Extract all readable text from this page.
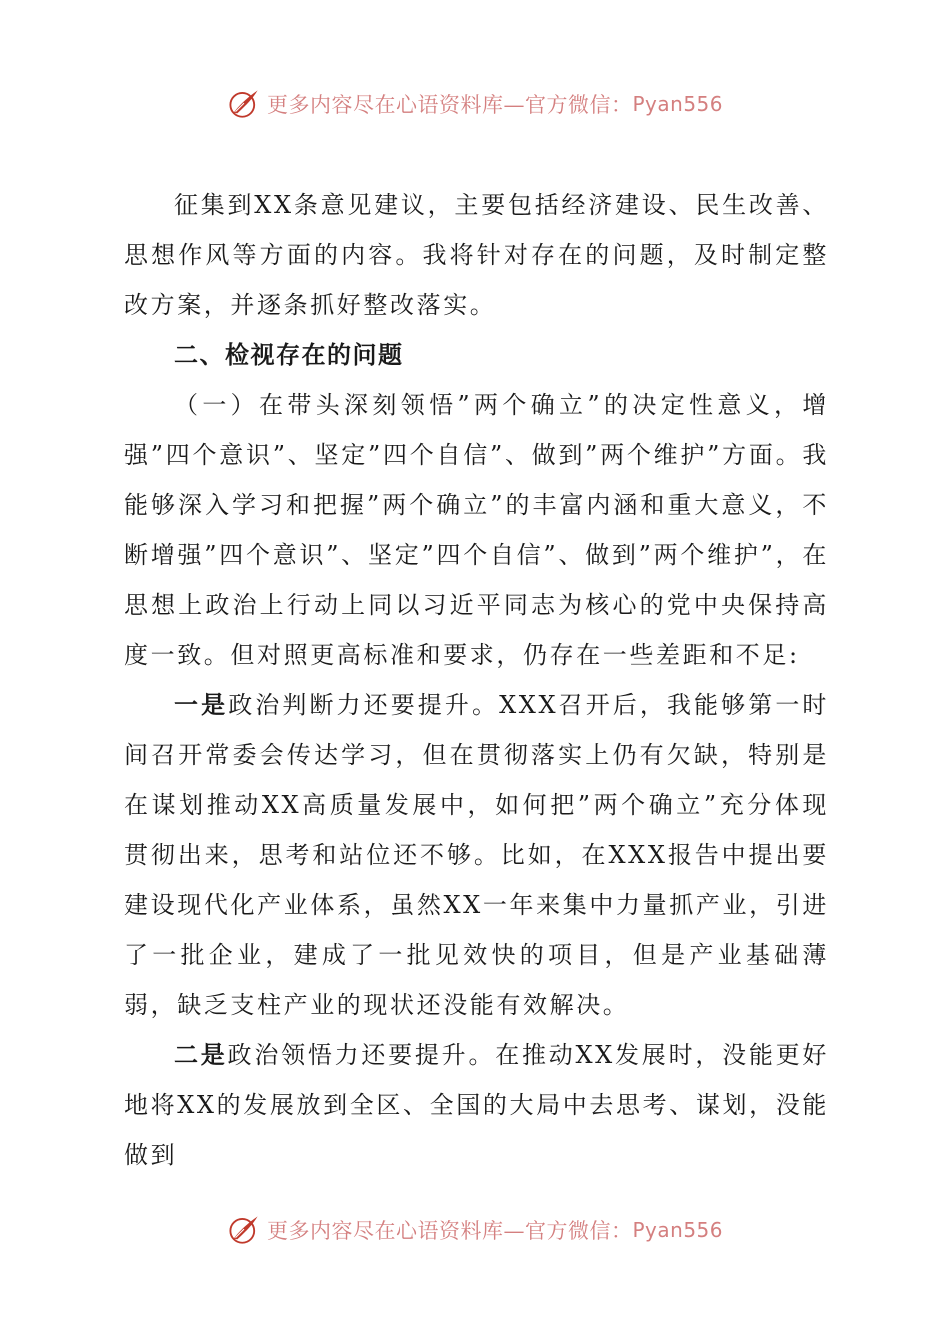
更多内容尽在心语资料库—官方微信： Pyan556

征集到XX条意见建议，主要包括经济建设、民生改善、思想作风等方面的内容。我将针对存在的问题，及时制定整改方案，并逐条抓好整改落实。

二、检视存在的问题

（一）在带头深刻领悟”两个确立”的决定性意义，增强”四个意识”、坚定”四个自信”、做到”两个维护”方面。我能够深入学习和把握”两个确立”的丰富内涵和重大意义，不断增强”四个意识”、坚定”四个自信”、做到”两个维护”，在思想上政治上行动上同以习近平同志为核心的党中央保持高度一致。但对照更高标准和要求，仍存在一些差距和不足:

一是政治判断力还要提升。XXX召开后，我能够第一时间召开常委会传达学习，但在贯彻落实上仍有欠缺，特别是在谋划推动XX高质量发展中，如何把”两个确立”充分体现贯彻出来，思考和站位还不够。比如，在XXX报告中提出要建设现代化产业体系，虽然XX一年来集中力量抓产业，引进了一批企业，建成了一批见效快的项目，但是产业基础薄弱，缺乏支柱产业的现状还没能有效解决。

二是政治领悟力还要提升。在推动XX发展时，没能更好地将XX的发展放到全区、全国的大局中去思考、谋划，没能做到

更多内容尽在心语资料库—官方微信： Pyan556
